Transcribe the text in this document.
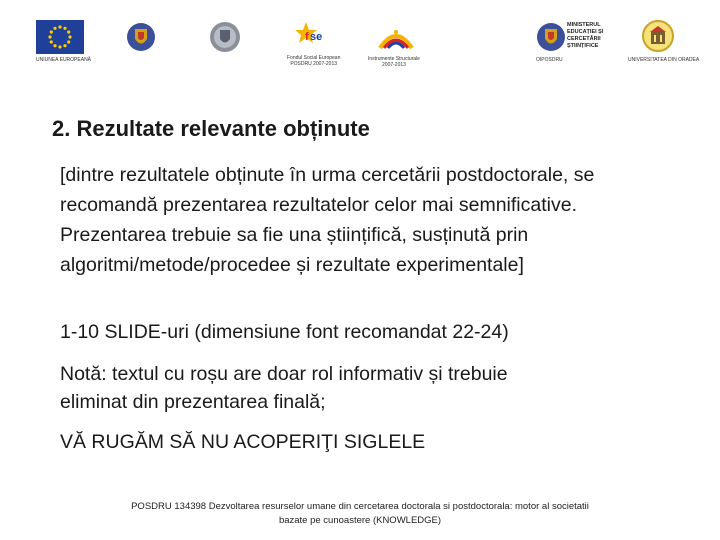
UNIUNEA EUROPEANĂ
f se
Fondul Social European
POSDRU 2007-2013
Instrumente Structurale
2007-2013
OIPOSDRU
MINISTERUL
EDUCAȚIEI ȘI
CERCETĂRII
ȘTIINȚIFICE
UNIVERSITATEA DIN ORADEA
2. Rezultate relevante obținute
[dintre rezultatele obținute în urma cercetării postdoctorale, se recomandă prezentarea rezultatelor celor mai semnificative. Prezentarea trebuie sa fie una științifică, susținută prin algoritmi/metode/procedee și rezultate experimentale]
1-10 SLIDE-uri (dimensiune font recomandat 22-24)
Notă: textul cu roșu are doar rol informativ și trebuie
eliminat din prezentarea finală;
VĂ RUGĂM SĂ NU ACOPERIŢI SIGLELE
POSDRU 134398 Dezvoltarea resurselor umane din cercetarea doctorala si postdoctorala: motor al societatii
bazate pe cunoastere (KNOWLEDGE)
